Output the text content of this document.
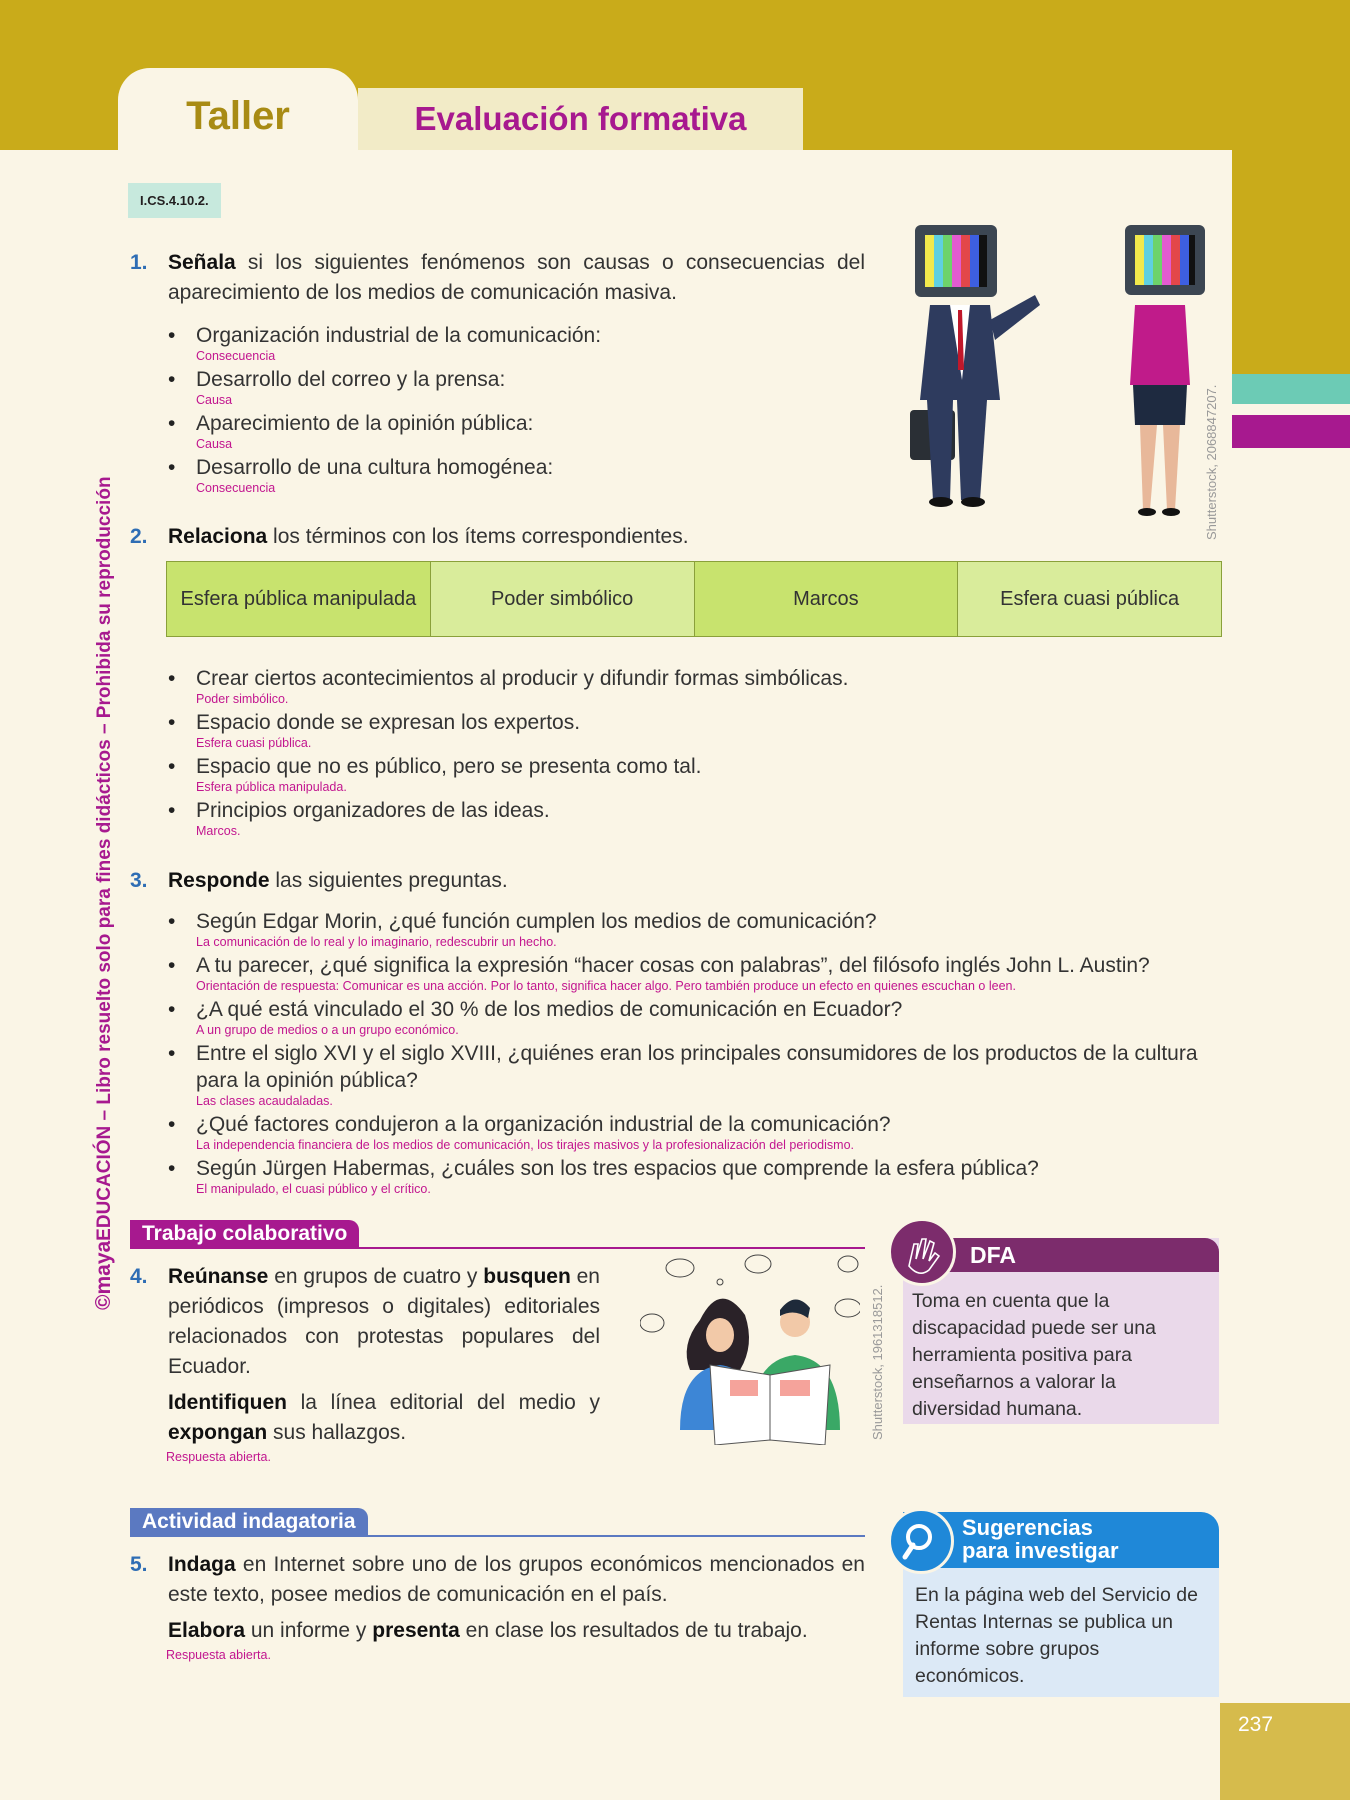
Taller	Evaluación formativa
I.CS.4.10.2.
©mayaEDUCACIÓN – Libro resuelto solo para fines didácticos – Prohibida su reproducción
1. Señala si los siguientes fenómenos son causas o consecuencias del aparecimiento de los medios de comunicación masiva.
• Organización industrial de la comunicación:
Consecuencia
• Desarrollo del correo y la prensa:
Causa
• Aparecimiento de la opinión pública:
Causa
• Desarrollo de una cultura homogénea:
Consecuencia	Shutterstock, 2068847207.
2. Relaciona los términos con los ítems correspondientes.
Esfera pública manipulada	Poder simbólico	Marcos	Esfera cuasi pública
• Crear ciertos acontecimientos al producir y difundir formas simbólicas.
Poder simbólico.
• Espacio donde se expresan los expertos.
Esfera cuasi pública.
• Espacio que no es público, pero se presenta como tal.
Esfera pública manipulada.
• Principios organizadores de las ideas.
Marcos.
3. Responde las siguientes preguntas.
• Según Edgar Morin, ¿qué función cumplen los medios de comunicación?
La comunicación de lo real y lo imaginario, redescubrir un hecho.
• A tu parecer, ¿qué significa la expresión “hacer cosas con palabras”, del filósofo inglés John L. Austin?
Orientación de respuesta: Comunicar es una acción. Por lo tanto, significa hacer algo. Pero también produce un efecto en quienes escuchan o leen.
• ¿A qué está vinculado el 30 % de los medios de comunicación en Ecuador?
A un grupo de medios o a un grupo económico.
• Entre el siglo XVI y el siglo XVIII, ¿quiénes eran los principales consumidores de los productos de la cultura para la opinión pública?
Las clases acaudaladas.
• ¿Qué factores condujeron a la organización industrial de la comunicación?
La independencia financiera de los medios de comunicación, los tirajes masivos y la profesionalización del periodismo.
• Según Jürgen Habermas, ¿cuáles son los tres espacios que comprende la esfera pública?
El manipulado, el cuasi público y el crítico.
Trabajo colaborativo
4. Reúnanse en grupos de cuatro y busquen en periódicos (impresos o digitales) editoriales relacionados con protestas populares del Ecuador.
Identifiquen la línea editorial del medio y expongan sus hallazgos.
Respuesta abierta.
Shutterstock, 1961318512.
DFA
Toma en cuenta que la discapacidad puede ser una herramienta positiva para enseñarnos a valorar la diversidad humana.
Actividad indagatoria
5. Indaga en Internet sobre uno de los grupos económicos mencionados en este texto, posee medios de comunicación en el país.
Elabora un informe y presenta en clase los resultados de tu trabajo.
Respuesta abierta.
Sugerencias
para investigar
En la página web del Servicio de Rentas Internas se publica un informe sobre grupos económicos.
237
